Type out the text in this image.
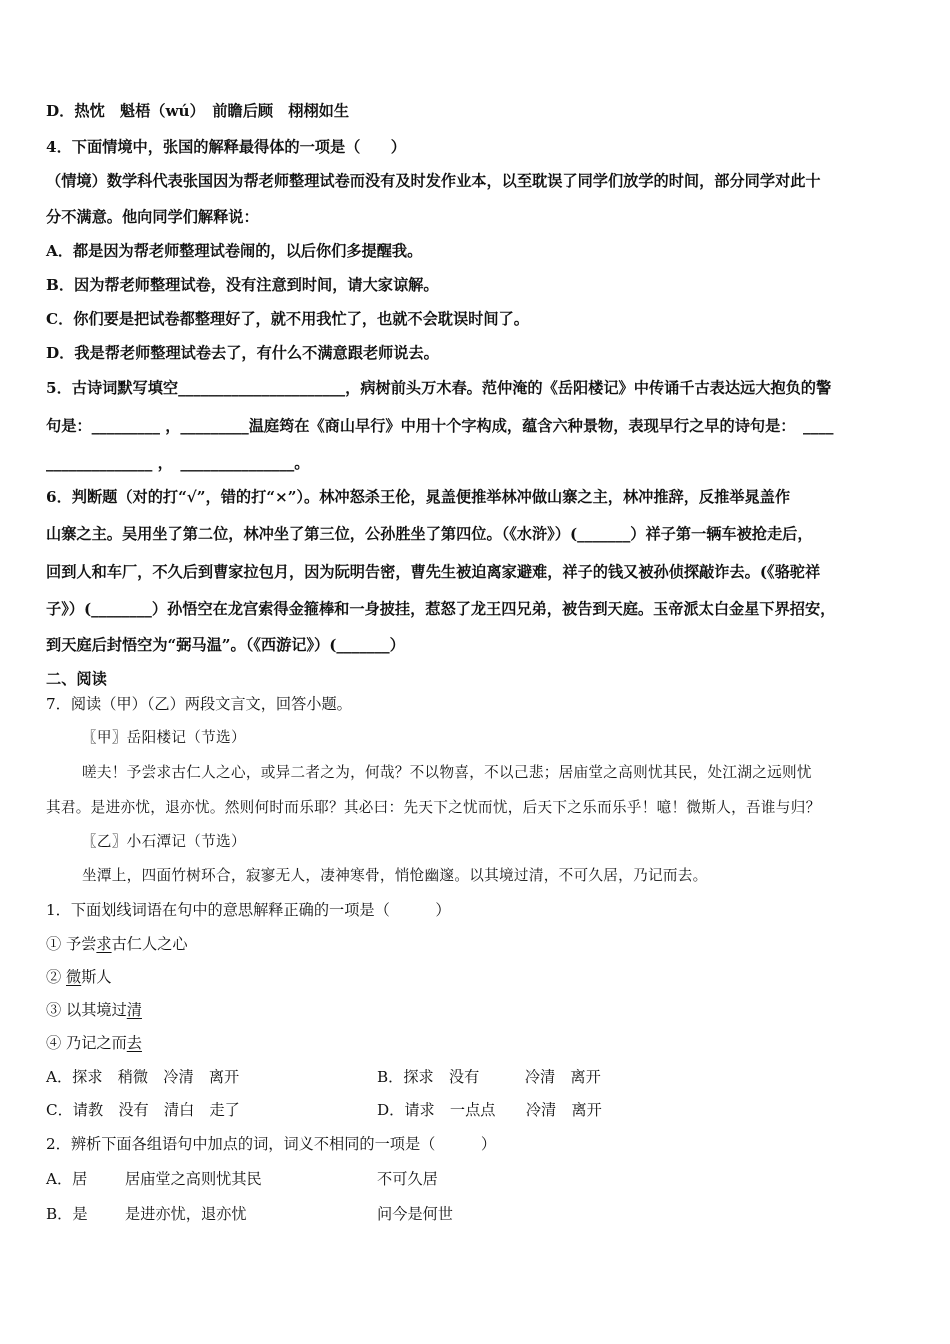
D．热忱　魁梧（wú）　前瞻后顾　栩栩如生
4．下面情境中，张国的解释最得体的一项是（　　）
（情境）数学科代表张国因为帮老师整理试卷而没有及时发作业本，以至耽误了同学们放学的时间，部分同学对此十
分不满意。他向同学们解释说：
A．都是因为帮老师整理试卷闹的，以后你们多提醒我。
B．因为帮老师整理试卷，没有注意到时间，请大家谅解。
C．你们要是把试卷都整理好了，就不用我忙了，也就不会耽误时间了。
D．我是帮老师整理试卷去了，有什么不满意跟老师说去。
5．古诗词默写填空______________________，病树前头万木春。范仲淹的《岳阳楼记》中传诵千古表达远大抱负的警
句是：_________ ，_________温庭筠在《商山早行》中用十个字构成，蕴含六种景物，表现早行之早的诗句是：　____
______________ ，　_______________。
6．判断题（对的打“√”，错的打“×”）。林冲怒杀王伦，晁盖便推举林冲做山寨之主，林冲推辞，反推举晁盖作
山寨之主。吴用坐了第二位，林冲坐了第三位，公孙胜坐了第四位。（《水浒》）(_______）祥子第一辆车被抢走后，
回到人和车厂，不久后到曹家拉包月，因为阮明告密，曹先生被迫离家避难，祥子的钱又被孙侦探敲诈去。(《骆驼祥
子》）(________）孙悟空在龙宫索得金箍棒和一身披挂，惹怒了龙王四兄弟，被告到天庭。玉帝派太白金星下界招安，
到天庭后封悟空为“弼马温”。（《西游记》）(_______）
二、阅读
7．阅读（甲）（乙）两段文言文，回答小题。
〖甲〗岳阳楼记（节选）
嗟夫！予尝求古仁人之心，或异二者之为，何哉？不以物喜，不以己悲；居庙堂之高则忧其民，处江湖之远则忧
其君。是进亦忧，退亦忧。然则何时而乐耶？其必曰：先天下之忧而忧，后天下之乐而乐乎！噫！微斯人，吾谁与归？
〖乙〗小石潭记（节选）
坐潭上，四面竹树环合，寂寥无人，凄神寒骨，悄怆幽邃。以其境过清，不可久居，乃记而去。
1．下面划线词语在句中的意思解释正确的一项是（　　　）
① 予尝求古仁人之心
② 微斯人
③ 以其境过清
④ 乃记之而去
A．探求　稍微　冷清　离开	B．探求　没有　　　冷清　离开
C．请教　没有　清白　走了	D．请求　一点点　　冷清　离开
2．辨析下面各组语句中加点的词，词义不相同的一项是（　　　）
A．居 居庙堂之高则忧其民	不可久居
B．是 是进亦忧，退亦忧	问今是何世
